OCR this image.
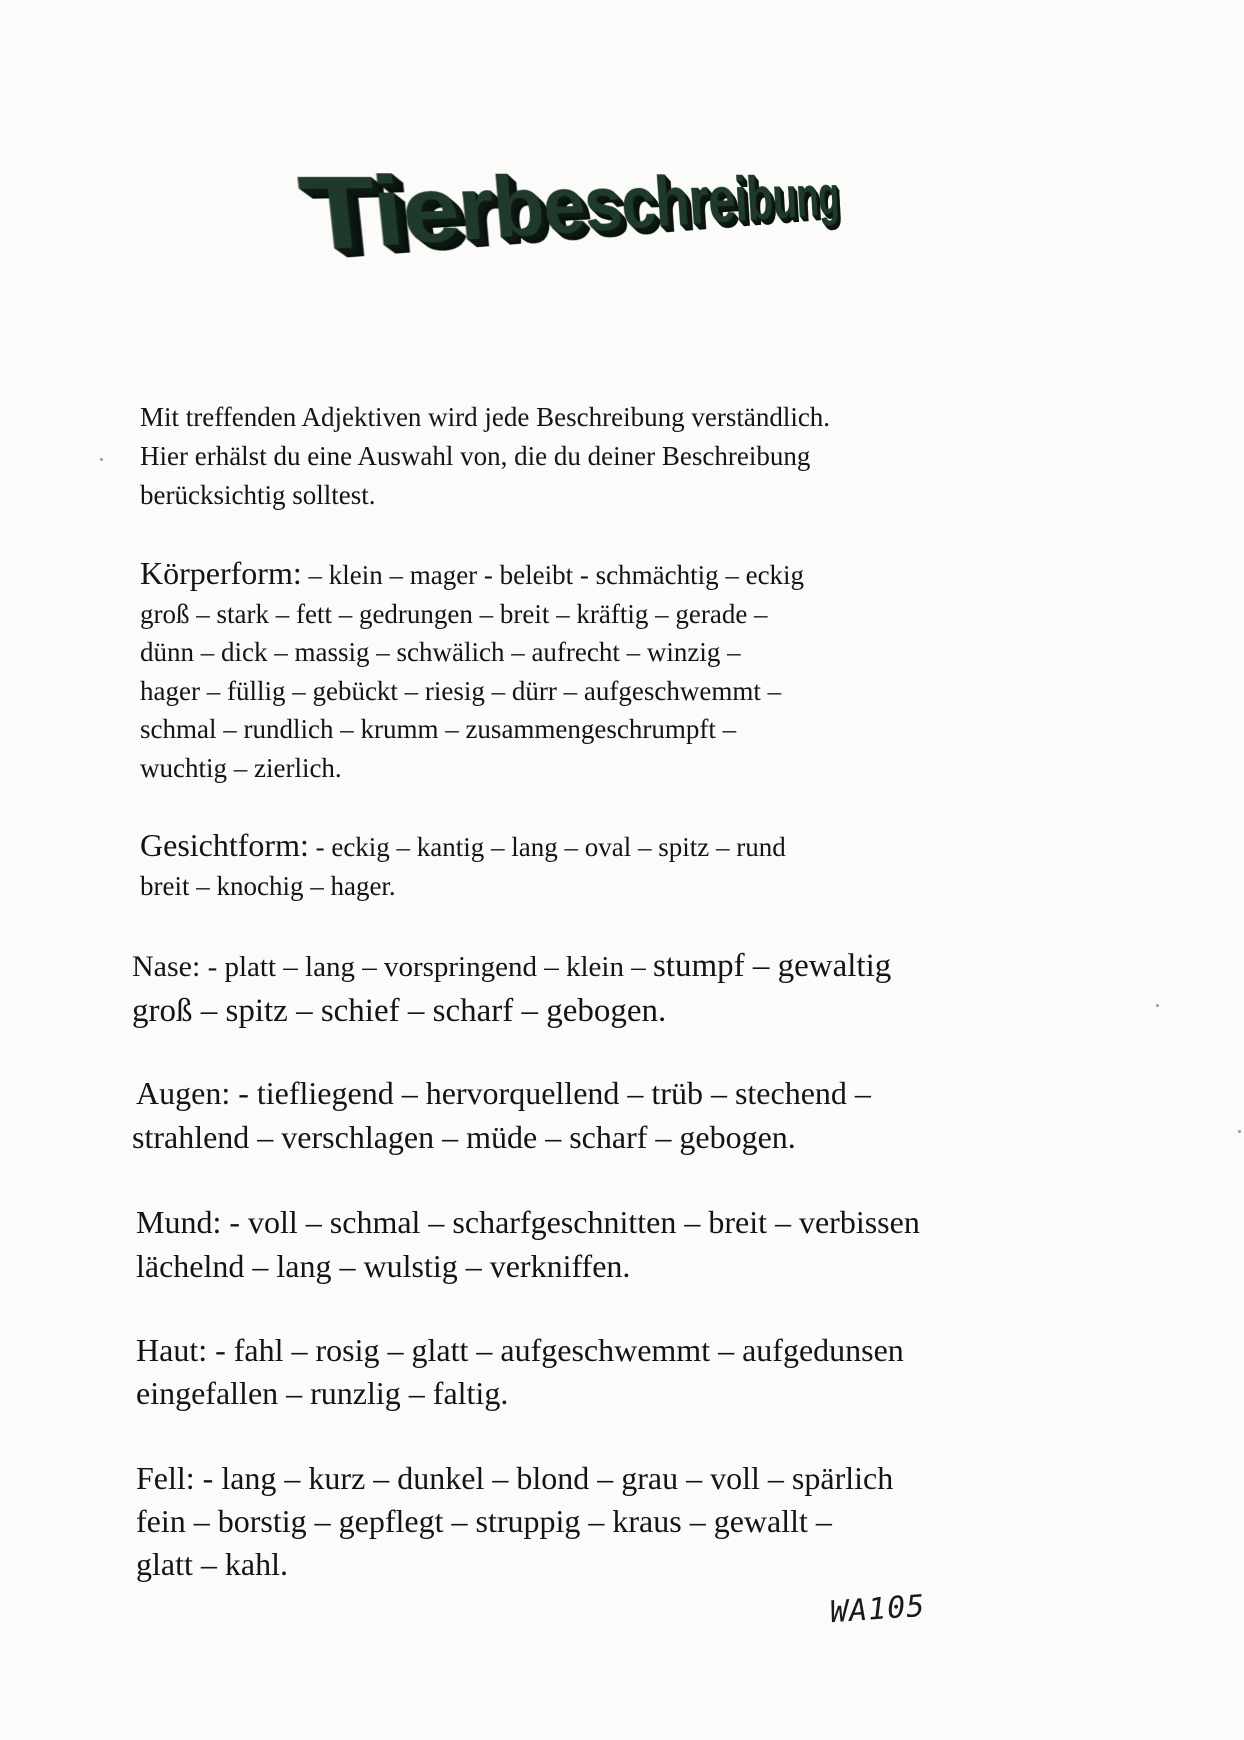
Tierbeschreibung
Mit treffenden Adjektiven wird jede Beschreibung verständlich.
Hier erhälst du eine Auswahl von, die du deiner Beschreibung
berücksichtig solltest.
Körperform: – klein – mager - beleibt - schmächtig – eckig
groß – stark – fett – gedrungen – breit – kräftig – gerade –
dünn – dick – massig – schwälich – aufrecht – winzig –
hager – füllig – gebückt – riesig – dürr – aufgeschwemmt –
schmal – rundlich – krumm – zusammengeschrumpft –
wuchtig – zierlich.
Gesichtform: - eckig – kantig – lang – oval – spitz – rund
breit – knochig – hager.
Nase: - platt – lang – vorspringend – klein – stumpf – gewaltig
groß – spitz – schief – scharf – gebogen.
Augen: - tiefliegend – hervorquellend – trüb – stechend –
strahlend – verschlagen – müde – scharf – gebogen.
Mund: - voll – schmal – scharfgeschnitten – breit – verbissen
lächelnd – lang – wulstig – verkniffen.
Haut: - fahl – rosig – glatt – aufgeschwemmt – aufgedunsen
eingefallen – runzlig – faltig.
Fell: - lang – kurz – dunkel – blond – grau – voll – spärlich
fein – borstig – gepflegt – struppig – kraus – gewallt –
glatt – kahl.
WA105
